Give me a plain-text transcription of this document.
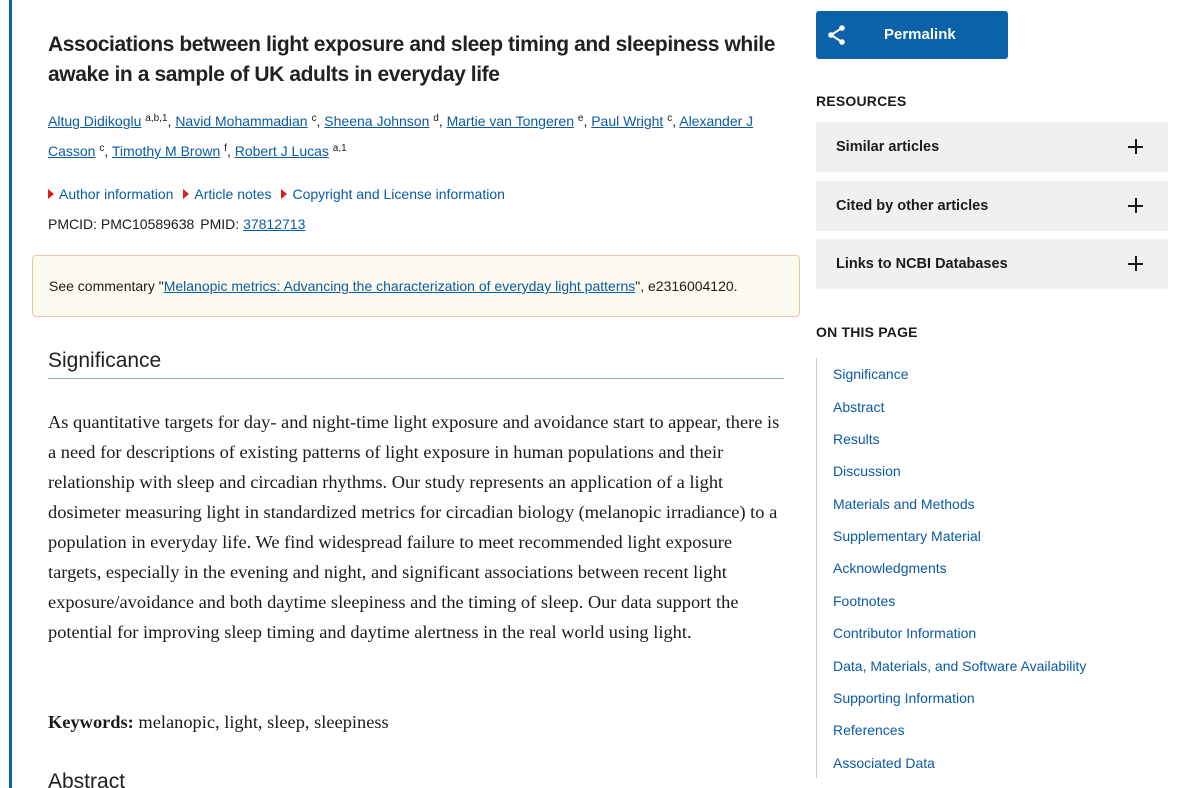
Associations between light exposure and sleep timing and sleepiness while awake in a sample of UK adults in everyday life
Altug Didikoglu $^{a,b,1}$, Navid Mohammadian $^c$, Sheena Johnson $^d$, Martie van Tongeren $^e$, Paul Wright $^c$, Alexander J Casson $^c$, Timothy M Brown $^f$, Robert J Lucas $^{a,1}$
Author information Article notes Copyright and License information
PMCID: PMC10589638 PMID: 37812713
See commentary "Melanopic metrics: Advancing the characterization of everyday light patterns", e2316004120.
Significance

As quantitative targets for day- and night-time light exposure and avoidance start to appear, there is a need for descriptions of existing patterns of light exposure in human populations and their relationship with sleep and circadian rhythms. Our study represents an application of a light dosimeter measuring light in standardized metrics for circadian biology (melanopic irradiance) to a population in everyday life. We find widespread failure to meet recommended light exposure targets, especially in the evening and night, and significant associations between recent light exposure/avoidance and both daytime sleepiness and the timing of sleep. Our data support the potential for improving sleep timing and daytime alertness in the real world using light.

Keywords: melanopic, light, sleep, sleepiness

Abstract
Permalink
RESOURCES
Similar articles
Cited by other articles
Links to NCBI Databases
ON THIS PAGE
Significance
Abstract
Results
Discussion
Materials and Methods
Supplementary Material
Acknowledgments
Footnotes
Contributor Information
Data, Materials, and Software Availability
Supporting Information
References
Associated Data
